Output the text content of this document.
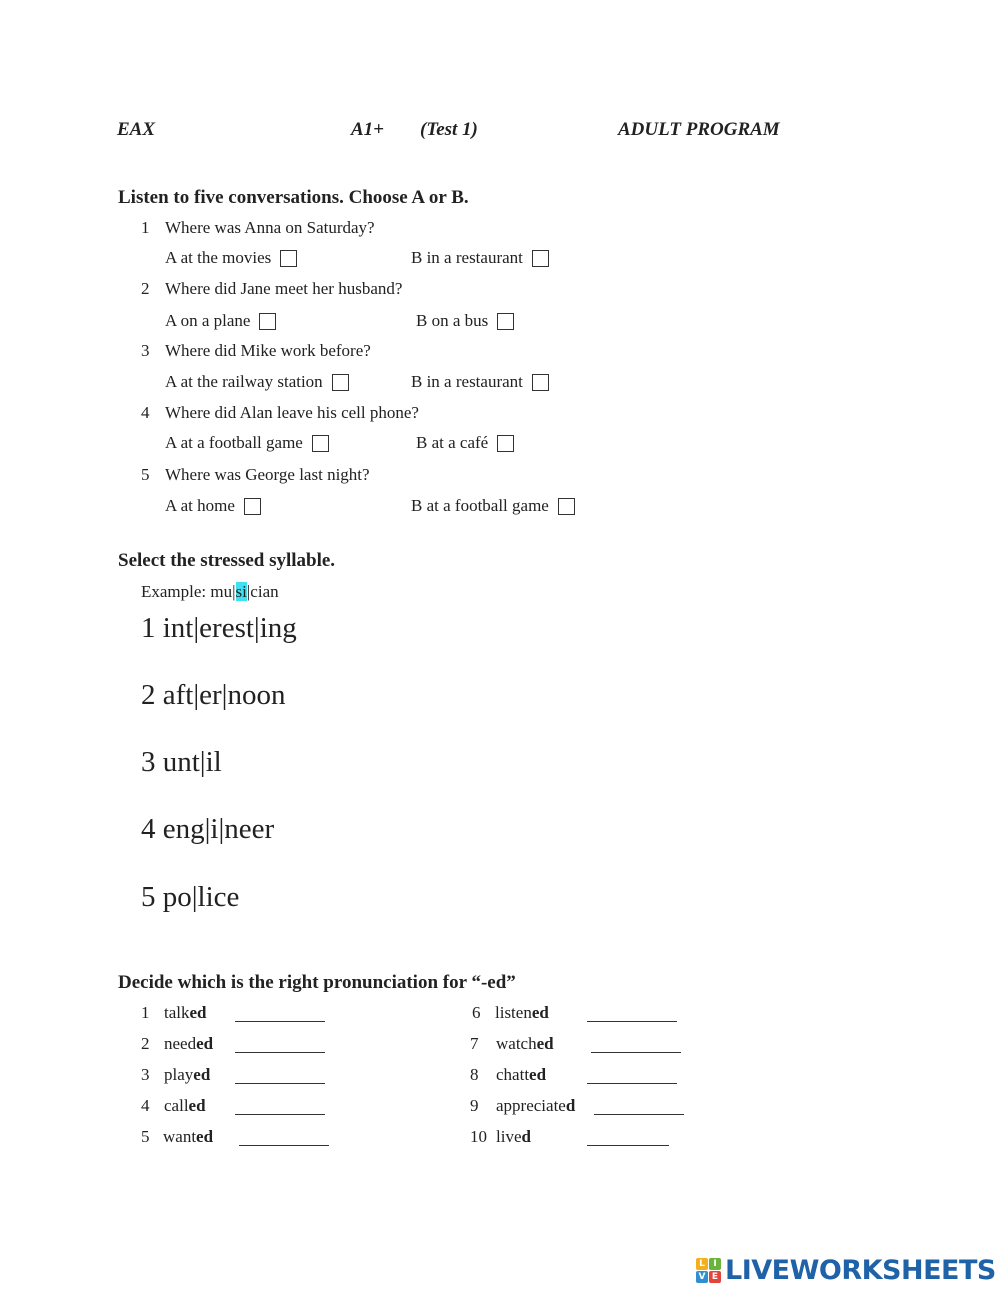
EAX	A1+ (Test 1)	ADULT PROGRAM
Listen to five conversations. Choose A or B.
1 Where was Anna on Saturday?
A at the movies	B in a restaurant
2 Where did Jane meet her husband?
A on a plane	B on a bus
3 Where did Mike work before?
A at the railway station	B in a restaurant
4 Where did Alan leave his cell phone?
A at a football game	B at a café
5 Where was George last night?
A at home	B at a football game
Select the stressed syllable.
Example: mu|si|cian
1 int|erest|ing
2 aft|er|noon
3 unt|il
4 eng|i|neer
5 po|lice
Decide which is the right pronunciation for “-ed”
1 talked
2 needed
3 played
4 called
5 wanted
6 listened
7 watched
8 chatted
9 appreciated
10 lived
L I
V E LIVEWORKSHEETS
